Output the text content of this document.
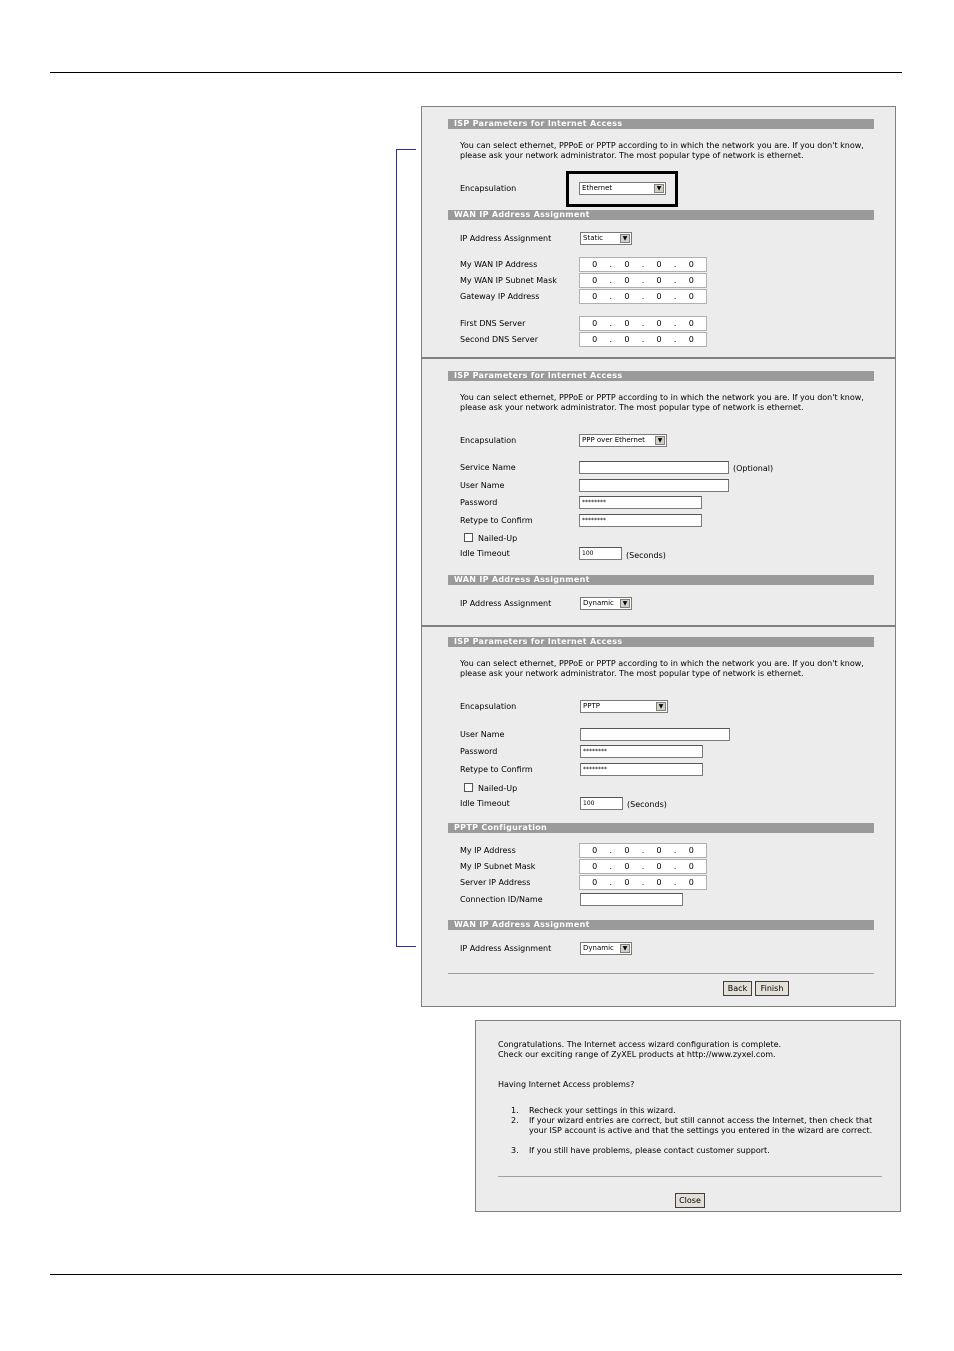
ISP Parameters for Internet Access
You can select ethernet, PPPoE or PPTP according to in which the network you are. If you don't know, please ask your network administrator. The most popular type of network is ethernet.
Encapsulation	Ethernet	▼
WAN IP Address Assignment
IP Address Assignment	Static	▼
My WAN IP Address	0 . 0 . 0 . 0
My WAN IP Subnet Mask	0 . 0 . 0 . 0
Gateway IP Address	0 . 0 . 0 . 0
First DNS Server	0 . 0 . 0 . 0
Second DNS Server	0 . 0 . 0 . 0
ISP Parameters for Internet Access
You can select ethernet, PPPoE or PPTP according to in which the network you are. If you don't know, please ask your network administrator. The most popular type of network is ethernet.
Encapsulation	PPP over Ethernet	▼
Service Name	(Optional)
User Name
Password	********
Retype to Confirm	********
Nailed-Up
Idle Timeout	100	(Seconds)
WAN IP Address Assignment
IP Address Assignment	Dynamic	▼
ISP Parameters for Internet Access
You can select ethernet, PPPoE or PPTP according to in which the network you are. If you don't know, please ask your network administrator. The most popular type of network is ethernet.
Encapsulation	PPTP	▼
User Name
Password	********
Retype to Confirm	********
Nailed-Up
Idle Timeout	100	(Seconds)
PPTP Configuration
My IP Address	0 . 0 . 0 . 0
My IP Subnet Mask	0 . 0 . 0 . 0
Server IP Address	0 . 0 . 0 . 0
Connection ID/Name
WAN IP Address Assignment
IP Address Assignment	Dynamic	▼
Back	Finish
Congratulations. The Internet access wizard configuration is complete.
Check our exciting range of ZyXEL products at http://www.zyxel.com.
Having Internet Access problems?
1. Recheck your settings in this wizard.
2. If your wizard entries are correct, but still cannot access the Internet, then check that your ISP account is active and that the settings you entered in the wizard are correct.
3. If you still have problems, please contact customer support.
Close
